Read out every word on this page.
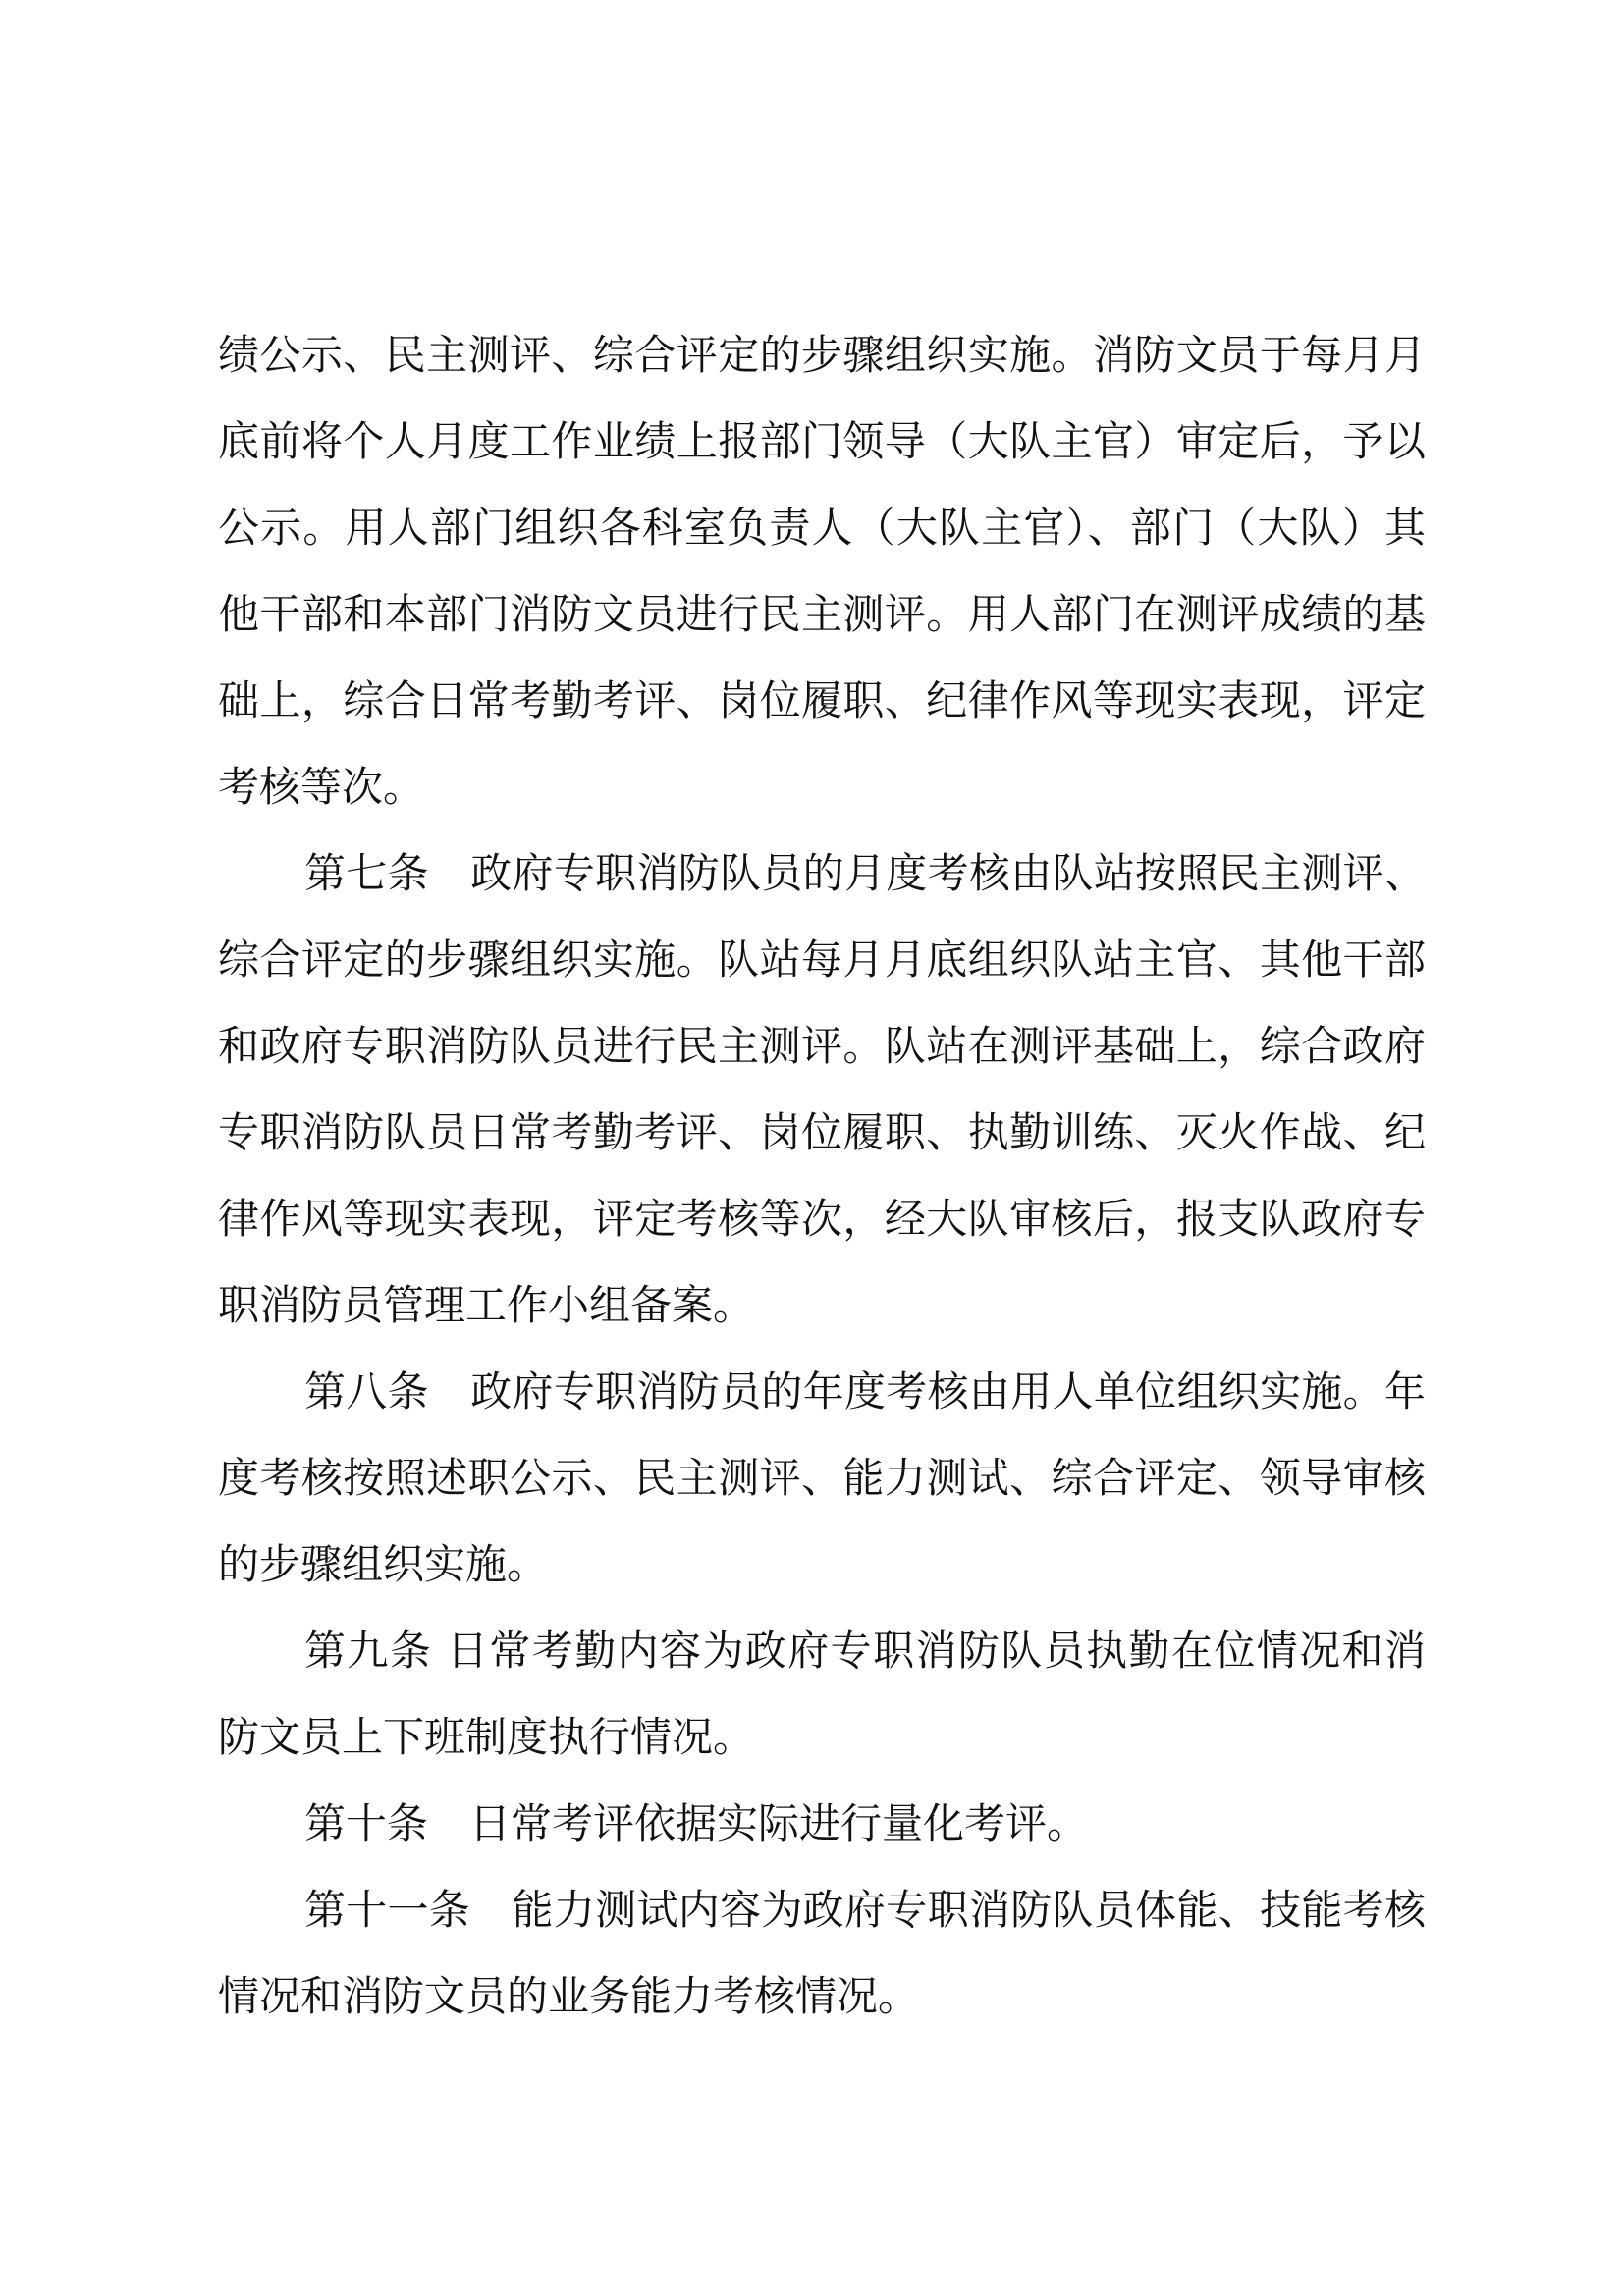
绩公示、民主测评、综合评定的步骤组织实施。消防文员于每月月底前将个人月度工作业绩上报部门领导（大队主官）审定后，予以公示。用人部门组织各科室负责人（大队主官）、部门（大队）其他干部和本部门消防文员进行民主测评。用人部门在测评成绩的基础上，综合日常考勤考评、岗位履职、纪律作风等现实表现，评定考核等次。

第七条　政府专职消防队员的月度考核由队站按照民主测评、综合评定的步骤组织实施。队站每月月底组织队站主官、其他干部和政府专职消防队员进行民主测评。队站在测评基础上，综合政府专职消防队员日常考勤考评、岗位履职、执勤训练、灭火作战、纪律作风等现实表现，评定考核等次，经大队审核后，报支队政府专职消防员管理工作小组备案。

第八条　政府专职消防员的年度考核由用人单位组织实施。年度考核按照述职公示、民主测评、能力测试、综合评定、领导审核的步骤组织实施。

第九条 日常考勤内容为政府专职消防队员执勤在位情况和消防文员上下班制度执行情况。

第十条　日常考评依据实际进行量化考评。

第十一条　能力测试内容为政府专职消防队员体能、技能考核情况和消防文员的业务能力考核情况。
